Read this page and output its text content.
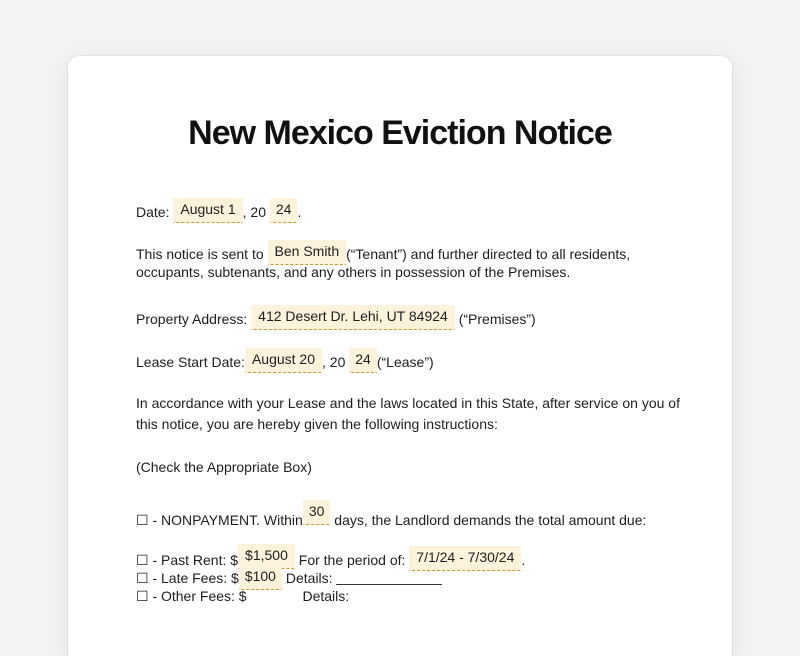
New Mexico Eviction Notice
Date: August 1 , 20 24 .
This notice is sent to Ben Smith (“Tenant”) and further directed to all residents,
occupants, subtenants, and any others in possession of the Premises.
Property Address: 412 Desert Dr. Lehi, UT 84924 (“Premises”)
Lease Start Date: August 20 , 20 24 (“Lease”)
In accordance with your Lease and the laws located in this State, after service on you of
this notice, you are hereby given the following instructions:
(Check the Appropriate Box)
☐ - NONPAYMENT. Within30 days, the Landlord demands the total amount due:
☐ - Past Rent: $ $1,500 For the period of: 7/1/24 - 7/30/24 .
☐ - Late Fees: $ $100 Details:
☐ - Other Fees: $	Details:
